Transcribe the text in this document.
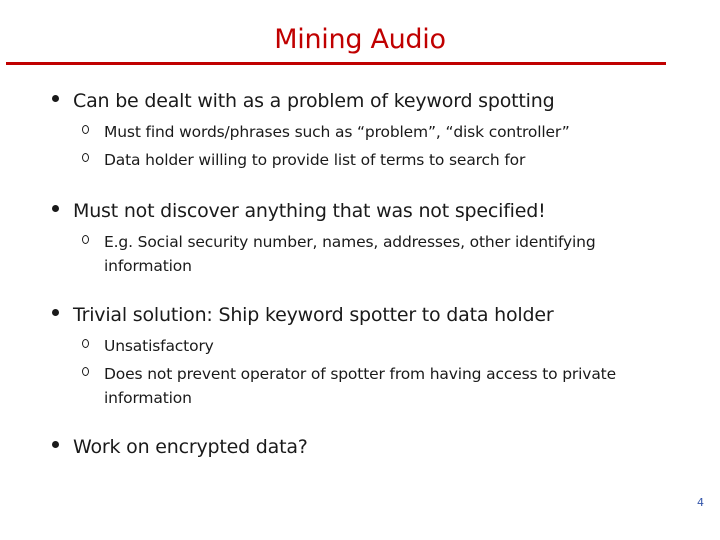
Mining Audio
Can be dealt with as a problem of keyword spotting
Must find words/phrases such as “problem”, “disk controller”
Data holder willing to provide list of terms to search for
Must not discover anything that was not specified!
E.g. Social security number, names, addresses, other identifying information
Trivial solution: Ship keyword spotter to data holder
Unsatisfactory
Does not prevent operator of spotter from having access to private information
Work on encrypted data?
4
